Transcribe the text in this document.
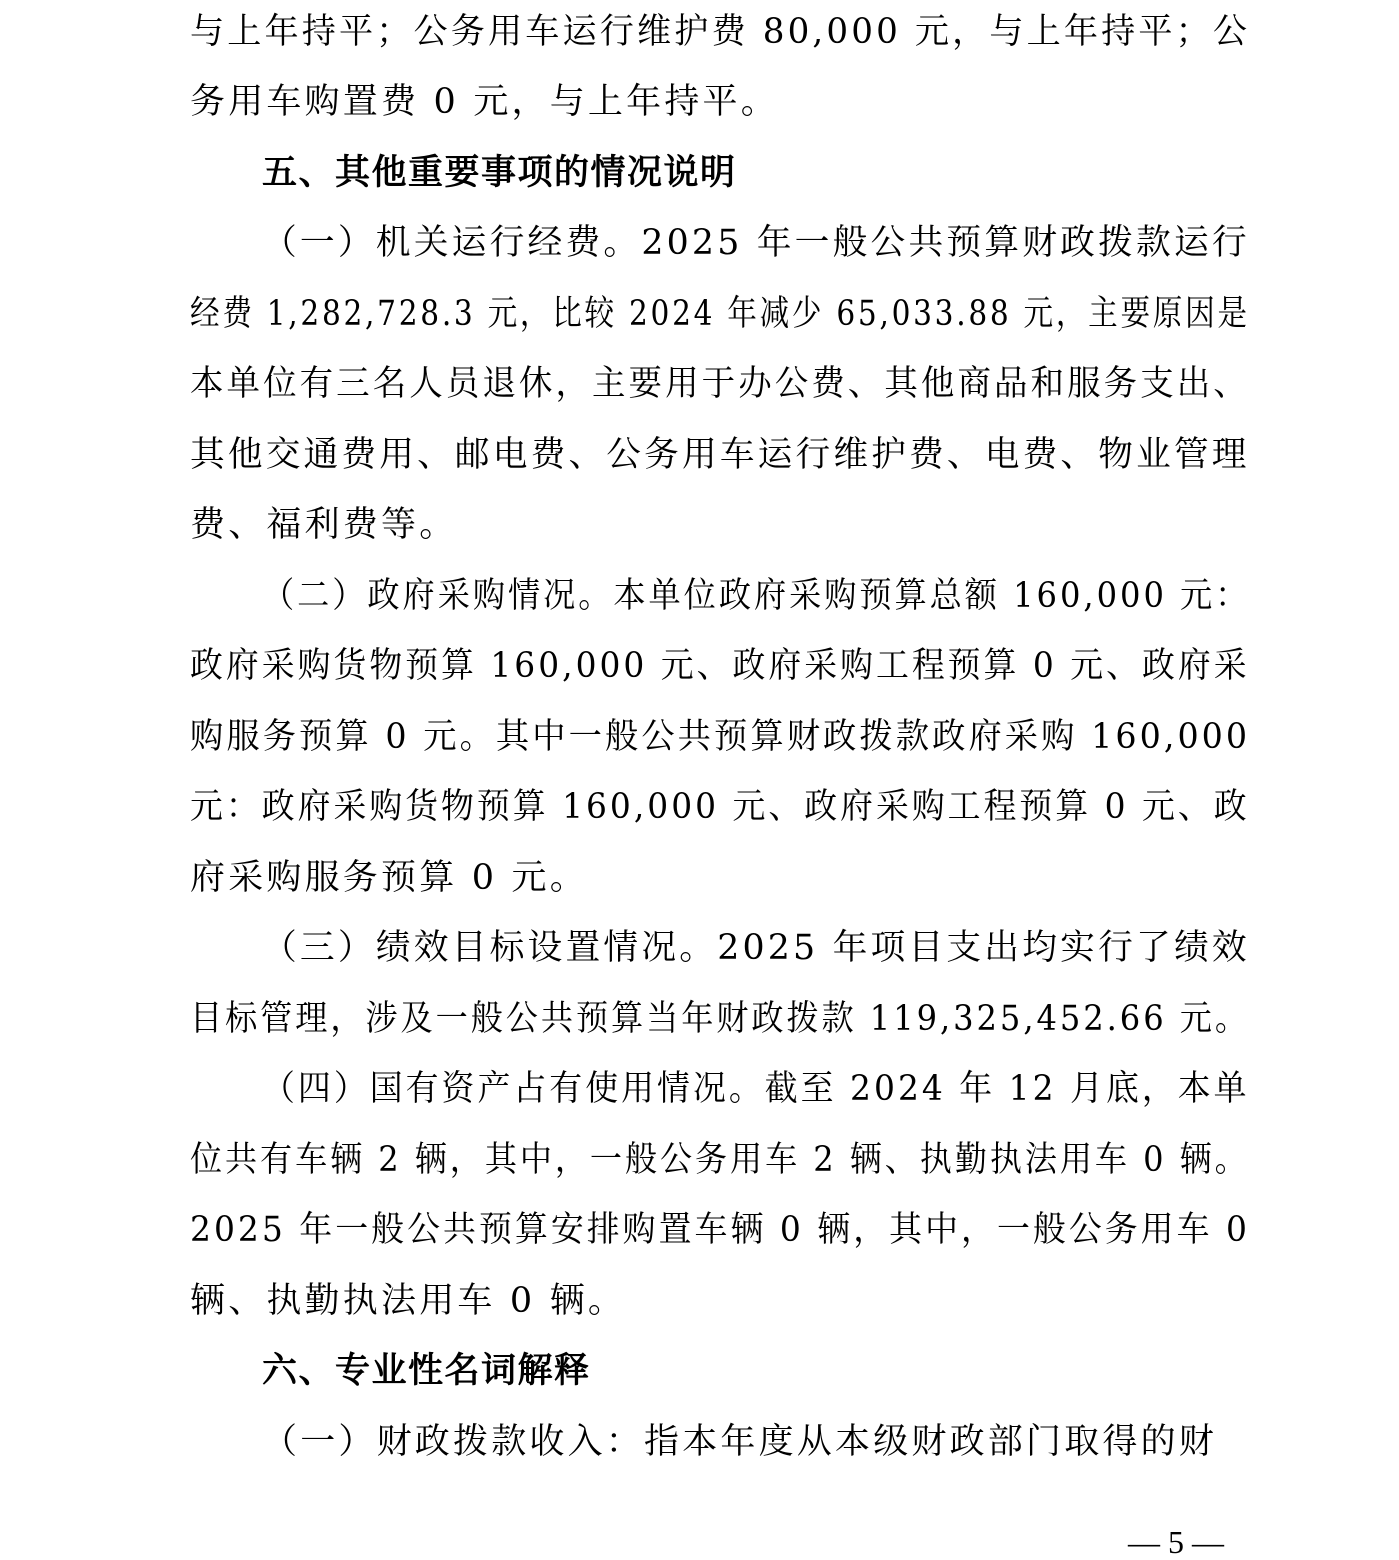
与上年持平；公务用车运行维护费 80,000 元，与上年持平；公
务用车购置费 0 元，与上年持平。
五、其他重要事项的情况说明
（一）机关运行经费。2025 年一般公共预算财政拨款运行
经费 1,282,728.3 元，比较 2024 年减少 65,033.88 元，主要原因是
本单位有三名人员退休，主要用于办公费、其他商品和服务支出、
其他交通费用、邮电费、公务用车运行维护费、电费、物业管理
费、福利费等。
（二）政府采购情况。本单位政府采购预算总额 160,000 元：
政府采购货物预算 160,000 元、政府采购工程预算 0 元、政府采
购服务预算 0 元。其中一般公共预算财政拨款政府采购 160,000
元：政府采购货物预算 160,000 元、政府采购工程预算 0 元、政
府采购服务预算 0 元。
（三）绩效目标设置情况。2025 年项目支出均实行了绩效
目标管理，涉及一般公共预算当年财政拨款 119,325,452.66 元。
（四）国有资产占有使用情况。截至 2024 年 12 月底，本单
位共有车辆 2 辆，其中，一般公务用车 2 辆、执勤执法用车 0 辆。
2025 年一般公共预算安排购置车辆 0 辆，其中，一般公务用车 0
辆、执勤执法用车 0 辆。
六、专业性名词解释
（一）财政拨款收入：指本年度从本级财政部门取得的财
— 5 —
